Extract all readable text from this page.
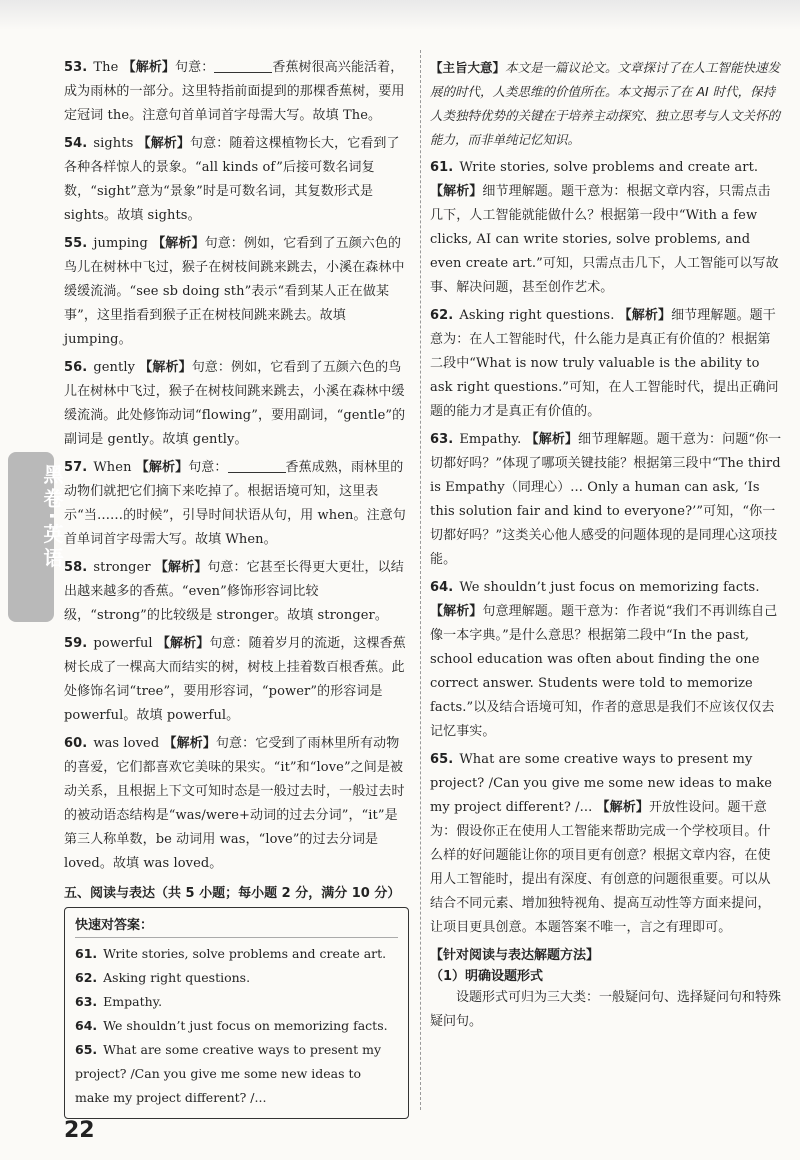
黑卷·英语
53. The 【解析】句意：	香蕉树很高兴能活着，成为雨林的一部分。这里特指前面提到的那棵香蕉树，要用定冠词 the。注意句首单词首字母需大写。故填 The。
54. sights 【解析】句意：随着这棵植物长大，它看到了各种各样惊人的景象。“all kinds of”后接可数名词复数，“sight”意为“景象”时是可数名词，其复数形式是 sights。故填 sights。
55. jumping 【解析】句意：例如，它看到了五颜六色的鸟儿在树林中飞过，猴子在树枝间跳来跳去，小溪在森林中缓缓流淌。“see sb doing sth”表示“看到某人正在做某事”，这里指看到猴子正在树枝间跳来跳去。故填 jumping。
56. gently 【解析】句意：例如，它看到了五颜六色的鸟儿在树林中飞过，猴子在树枝间跳来跳去，小溪在森林中缓缓流淌。此处修饰动词“flowing”，要用副词，“gentle”的副词是 gently。故填 gently。
57. When 【解析】句意：	香蕉成熟，雨林里的动物们就把它们摘下来吃掉了。根据语境可知，这里表示“当……的时候”，引导时间状语从句，用 when。注意句首单词首字母需大写。故填 When。
58. stronger 【解析】句意：它甚至长得更大更壮，以结出越来越多的香蕉。“even”修饰形容词比较级，“strong”的比较级是 stronger。故填 stronger。
59. powerful 【解析】句意：随着岁月的流逝，这棵香蕉树长成了一棵高大而结实的树，树枝上挂着数百根香蕉。此处修饰名词“tree”，要用形容词，“power”的形容词是 powerful。故填 powerful。
60. was loved 【解析】句意：它受到了雨林里所有动物的喜爱，它们都喜欢它美味的果实。“it”和“love”之间是被动关系，且根据上下文可知时态是一般过去时，一般过去时的被动语态结构是“was/were+动词的过去分词”，“it”是第三人称单数，be 动词用 was，“love”的过去分词是 loved。故填 was loved。
五、阅读与表达（共 5 小题；每小题 2 分，满分 10 分）
快速对答案：
61. Write stories, solve problems and create art.
62. Asking right questions.
63. Empathy.
64. We shouldn’t just focus on memorizing facts.
65. What are some creative ways to present my project? /Can you give me some new ideas to make my project different? /...
【主旨大意】本文是一篇议论文。文章探讨了在人工智能快速发展的时代，人类思维的价值所在。本文揭示了在 AI 时代，保持人类独特优势的关键在于培养主动探究、独立思考与人文关怀的能力，而非单纯记忆知识。
61. Write stories, solve problems and create art.
【解析】细节理解题。题干意为：根据文章内容，只需点击几下，人工智能就能做什么？根据第一段中“With a few clicks, AI can write stories, solve problems, and even create art.”可知，只需点击几下，人工智能可以写故事、解决问题，甚至创作艺术。
62. Asking right questions. 【解析】细节理解题。题干意为：在人工智能时代，什么能力是真正有价值的？根据第二段中“What is now truly valuable is the ability to ask right questions.”可知，在人工智能时代，提出正确问题的能力才是真正有价值的。
63. Empathy. 【解析】细节理解题。题干意为：问题“你一切都好吗？”体现了哪项关键技能？根据第三段中“The third is Empathy（同理心）... Only a human can ask, ‘Is this solution fair and kind to everyone?’”可知，“你一切都好吗？”这类关心他人感受的问题体现的是同理心这项技能。
64. We shouldn’t just focus on memorizing facts.
【解析】句意理解题。题干意为：作者说“我们不再训练自己像一本字典。”是什么意思？根据第二段中“In the past, school education was often about finding the one correct answer. Students were told to memorize facts.”以及结合语境可知，作者的意思是我们不应该仅仅去记忆事实。
65. What are some creative ways to present my project? /Can you give me some new ideas to make my project different? /... 【解析】开放性设问。题干意为：假设你正在使用人工智能来帮助完成一个学校项目。什么样的好问题能让你的项目更有创意？根据文章内容，在使用人工智能时，提出有深度、有创意的问题很重要。可以从结合不同元素、增加独特视角、提高互动性等方面来提问，让项目更具创意。本题答案不唯一，言之有理即可。
【针对阅读与表达解题方法】
（1）明确设题形式
设题形式可归为三大类：一般疑问句、选择疑问句和特殊疑问句。
22
